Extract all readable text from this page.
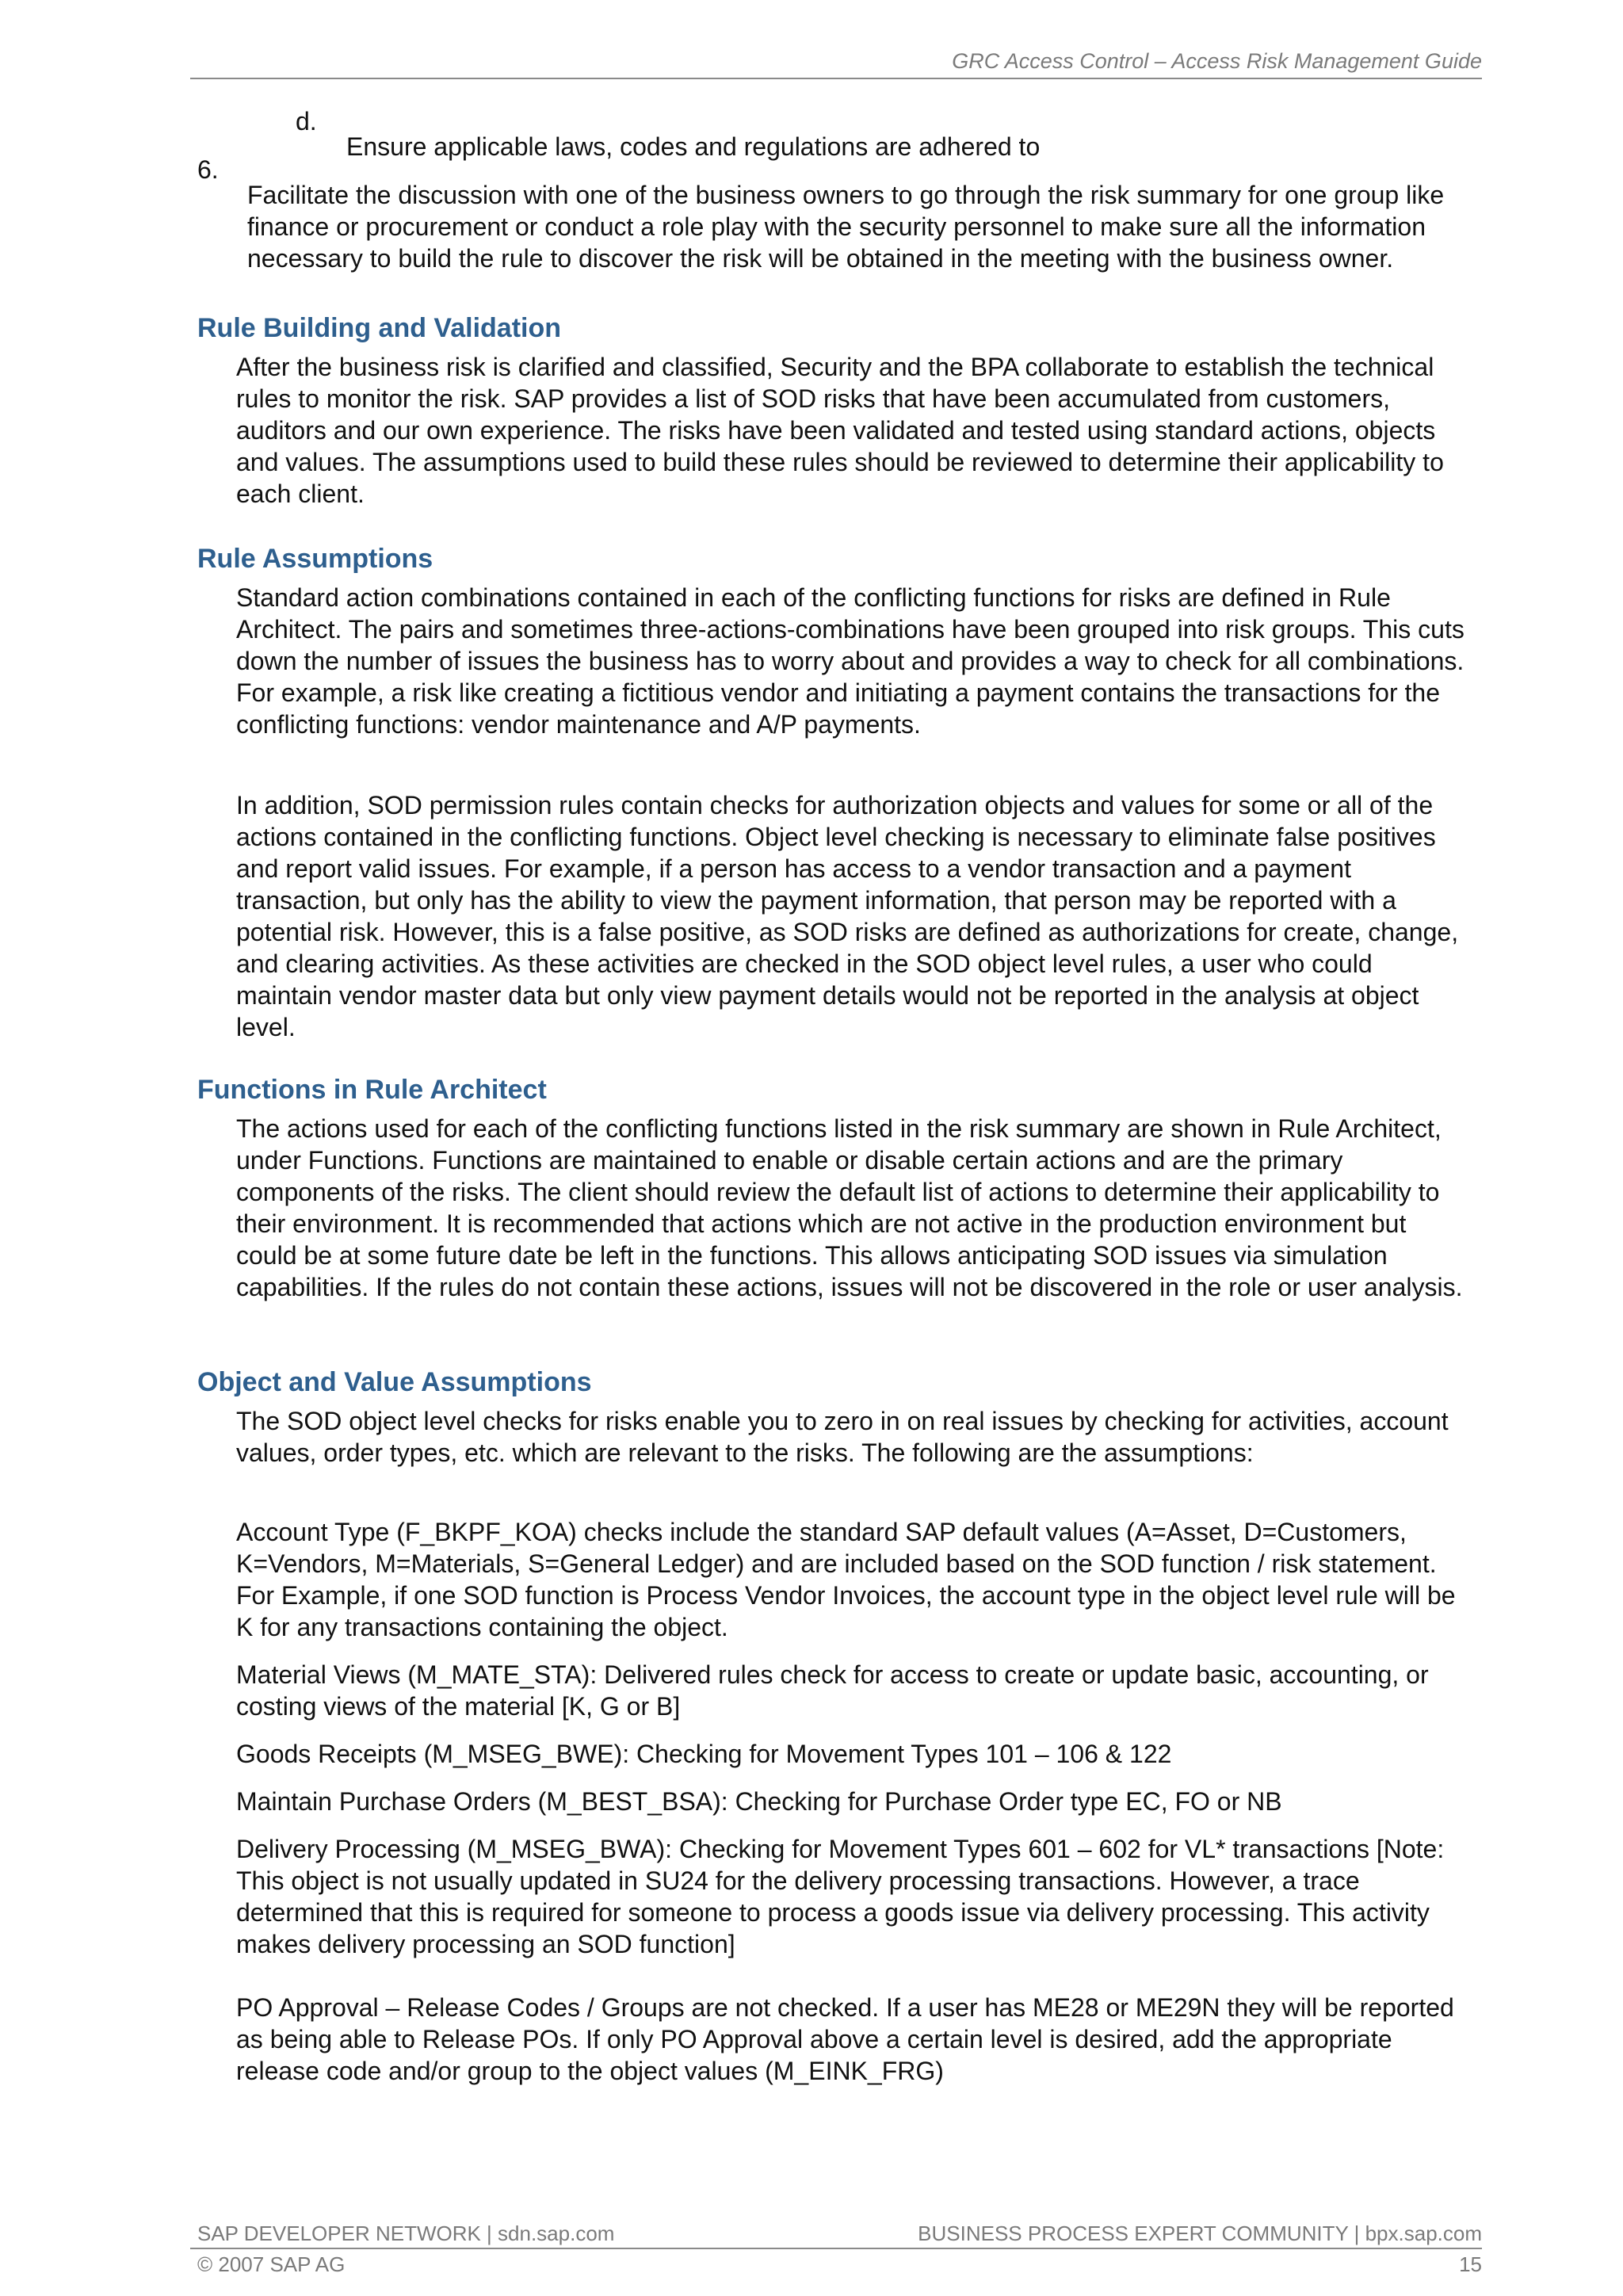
GRC Access Control – Access Risk Management Guide
d.

Ensure applicable laws, codes and regulations are adhered to

6.

Facilitate the discussion with one of the business owners to go through the risk summary for one group like finance or procurement or conduct a role play with the security personnel to make sure all the information necessary to build the rule to discover the risk will be obtained in the meeting with the business owner.

Rule Building and Validation

After the business risk is clarified and classified, Security and the BPA collaborate to establish the technical rules to monitor the risk. SAP provides a list of SOD risks that have been accumulated from customers, auditors and our own experience. The risks have been validated and tested using standard actions, objects and values. The assumptions used to build these rules should be reviewed to determine their applicability to each client.

Rule Assumptions

Standard action combinations contained in each of the conflicting functions for risks are defined in Rule Architect. The pairs and sometimes three-actions-combinations have been grouped into risk groups. This cuts down the number of issues the business has to worry about and provides a way to check for all combinations. For example, a risk like creating a fictitious vendor and initiating a payment contains the transactions for the conflicting functions: vendor maintenance and A/P payments.

In addition, SOD permission rules contain checks for authorization objects and values for some or all of the actions contained in the conflicting functions. Object level checking is necessary to eliminate false positives and report valid issues. For example, if a person has access to a vendor transaction and a payment transaction, but only has the ability to view the payment information, that person may be reported with a potential risk. However, this is a false positive, as SOD risks are defined as authorizations for create, change, and clearing activities. As these activities are checked in the SOD object level rules, a user who could maintain vendor master data but only view payment details would not be reported in the analysis at object level.

Functions in Rule Architect

The actions used for each of the conflicting functions listed in the risk summary are shown in Rule Architect, under Functions. Functions are maintained to enable or disable certain actions and are the primary components of the risks. The client should review the default list of actions to determine their applicability to their environment. It is recommended that actions which are not active in the production environment but could be at some future date be left in the functions. This allows anticipating SOD issues via simulation capabilities. If the rules do not contain these actions, issues will not be discovered in the role or user analysis.

Object and Value Assumptions

The SOD object level checks for risks enable you to zero in on real issues by checking for activities, account values, order types, etc. which are relevant to the risks. The following are the assumptions:

Account Type (F_BKPF_KOA) checks include the standard SAP default values (A=Asset, D=Customers, K=Vendors, M=Materials, S=General Ledger) and are included based on the SOD function / risk statement. For Example, if one SOD function is Process Vendor Invoices, the account type in the object level rule will be K for any transactions containing the object.

Material Views (M_MATE_STA): Delivered rules check for access to create or update basic, accounting, or costing views of the material [K, G or B]

Goods Receipts (M_MSEG_BWE): Checking for Movement Types 101 – 106 & 122

Maintain Purchase Orders (M_BEST_BSA): Checking for Purchase Order type EC, FO or NB

Delivery Processing (M_MSEG_BWA): Checking for Movement Types 601 – 602 for VL* transactions [Note: This object is not usually updated in SU24 for the delivery processing transactions. However, a trace determined that this is required for someone to process a goods issue via delivery processing. This activity makes delivery processing an SOD function]

PO Approval – Release Codes / Groups are not checked. If a user has ME28 or ME29N they will be reported as being able to Release POs. If only PO Approval above a certain level is desired, add the appropriate release code and/or group to the object values (M_EINK_FRG)

SAP DEVELOPER NETWORK | sdn.sap.com	BUSINESS PROCESS EXPERT COMMUNITY | bpx.sap.com
© 2007 SAP AG	15
